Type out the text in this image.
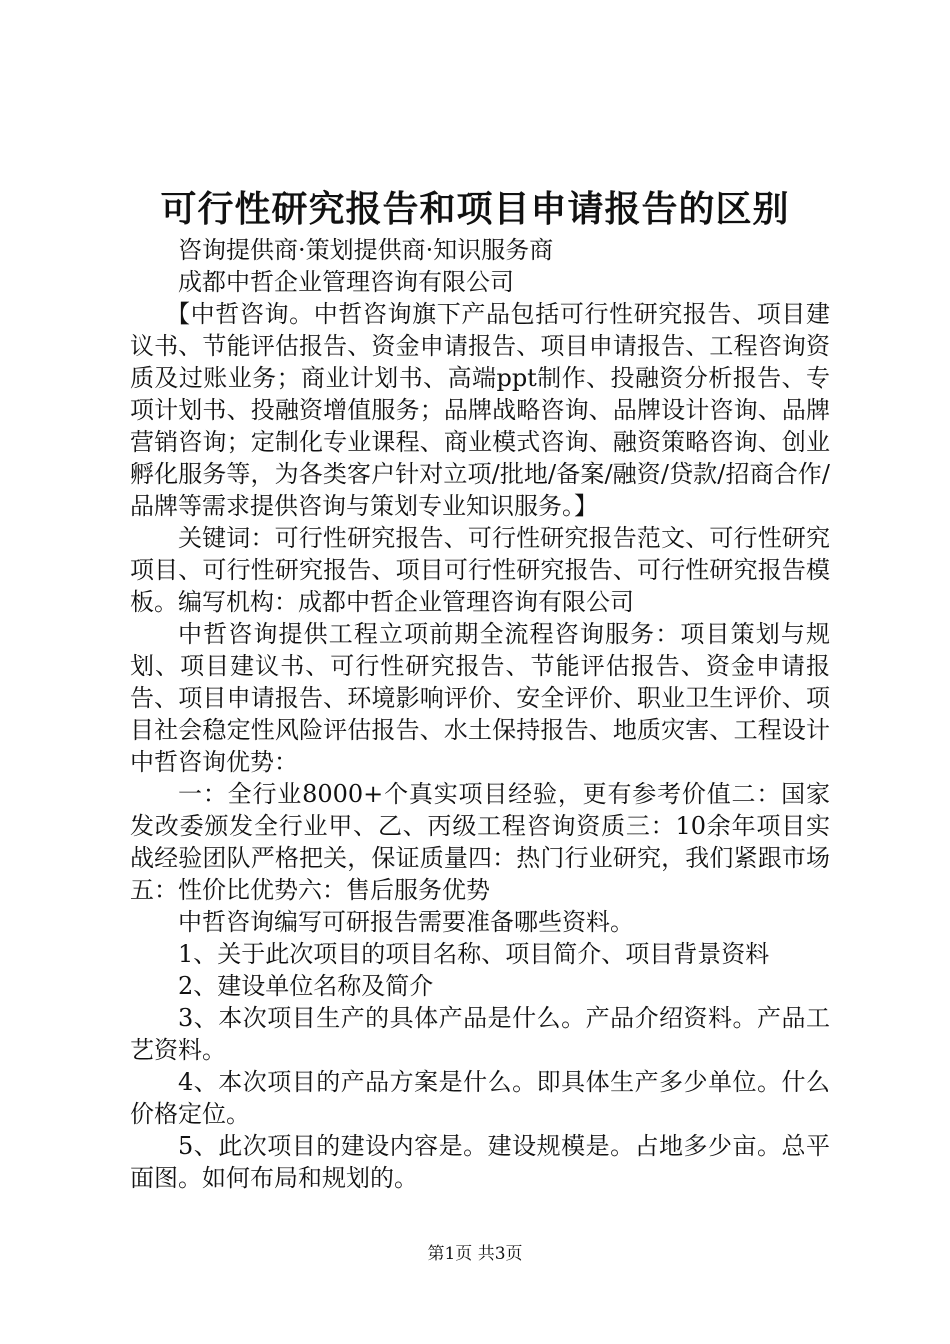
可行性研究报告和项目申请报告的区别

咨询提供商·策划提供商·知识服务商

成都中哲企业管理咨询有限公司

【中哲咨询。中哲咨询旗下产品包括可行性研究报告、项目建议书、节能评估报告、资金申请报告、项目申请报告、工程咨询资质及过账业务；商业计划书、高端ppt制作、投融资分析报告、专项计划书、投融资增值服务；品牌战略咨询、品牌设计咨询、品牌营销咨询；定制化专业课程、商业模式咨询、融资策略咨询、创业孵化服务等，为各类客户针对立项/批地/备案/融资/贷款/招商合作/品牌等需求提供咨询与策划专业知识服务。】

关键词：可行性研究报告、可行性研究报告范文、可行性研究项目、可行性研究报告、项目可行性研究报告、可行性研究报告模板。编写机构：成都中哲企业管理咨询有限公司

中哲咨询提供工程立项前期全流程咨询服务：项目策划与规划、项目建议书、可行性研究报告、节能评估报告、资金申请报告、项目申请报告、环境影响评价、安全评价、职业卫生评价、项目社会稳定性风险评估报告、水土保持报告、地质灾害、工程设计中哲咨询优势：

一：全行业8000+个真实项目经验，更有参考价值二：国家发改委颁发全行业甲、乙、丙级工程咨询资质三：10余年项目实战经验团队严格把关，保证质量四：热门行业研究，我们紧跟市场五：性价比优势六：售后服务优势

中哲咨询编写可研报告需要准备哪些资料。

1、关于此次项目的项目名称、项目简介、项目背景资料

2、建设单位名称及简介

3、本次项目生产的具体产品是什么。产品介绍资料。产品工艺资料。

4、本次项目的产品方案是什么。即具体生产多少单位。什么价格定位。

5、此次项目的建设内容是。建设规模是。占地多少亩。总平面图。如何布局和规划的。

第1页 共3页
